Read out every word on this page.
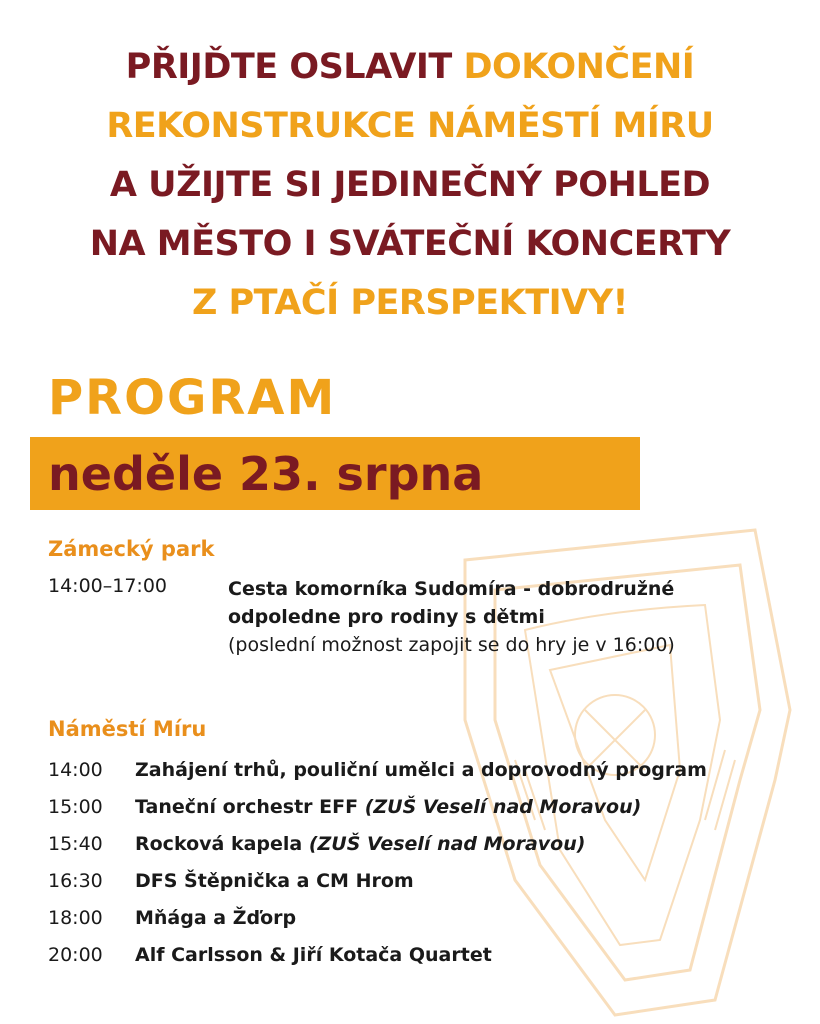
PŘIJĎTE OSLAVIT DOKONČENÍ
REKONSTRUKCE NÁMĚSTÍ MÍRU
A UŽIJTE SI JEDINEČNÝ POHLED
NA MĚSTO I SVÁTEČNÍ KONCERTY
Z PTAČÍ PERSPEKTIVY!
PROGRAM
neděle 23. srpna
Zámecký park
14:00–17:00	Cesta komorníka Sudomíra - dobrodružné
odpoledne pro rodiny s dětmi
(poslední možnost zapojit se do hry je v 16:00)
Náměstí Míru
14:00 Zahájení trhů, pouliční umělci a doprovodný program
15:00 Taneční orchestr EFF (ZUŠ Veselí nad Moravou)
15:40 Rocková kapela (ZUŠ Veselí nad Moravou)
16:30 DFS Štěpnička a CM Hrom
18:00 Mňága a Žďorp
20:00 Alf Carlsson & Jiří Kotača Quartet
